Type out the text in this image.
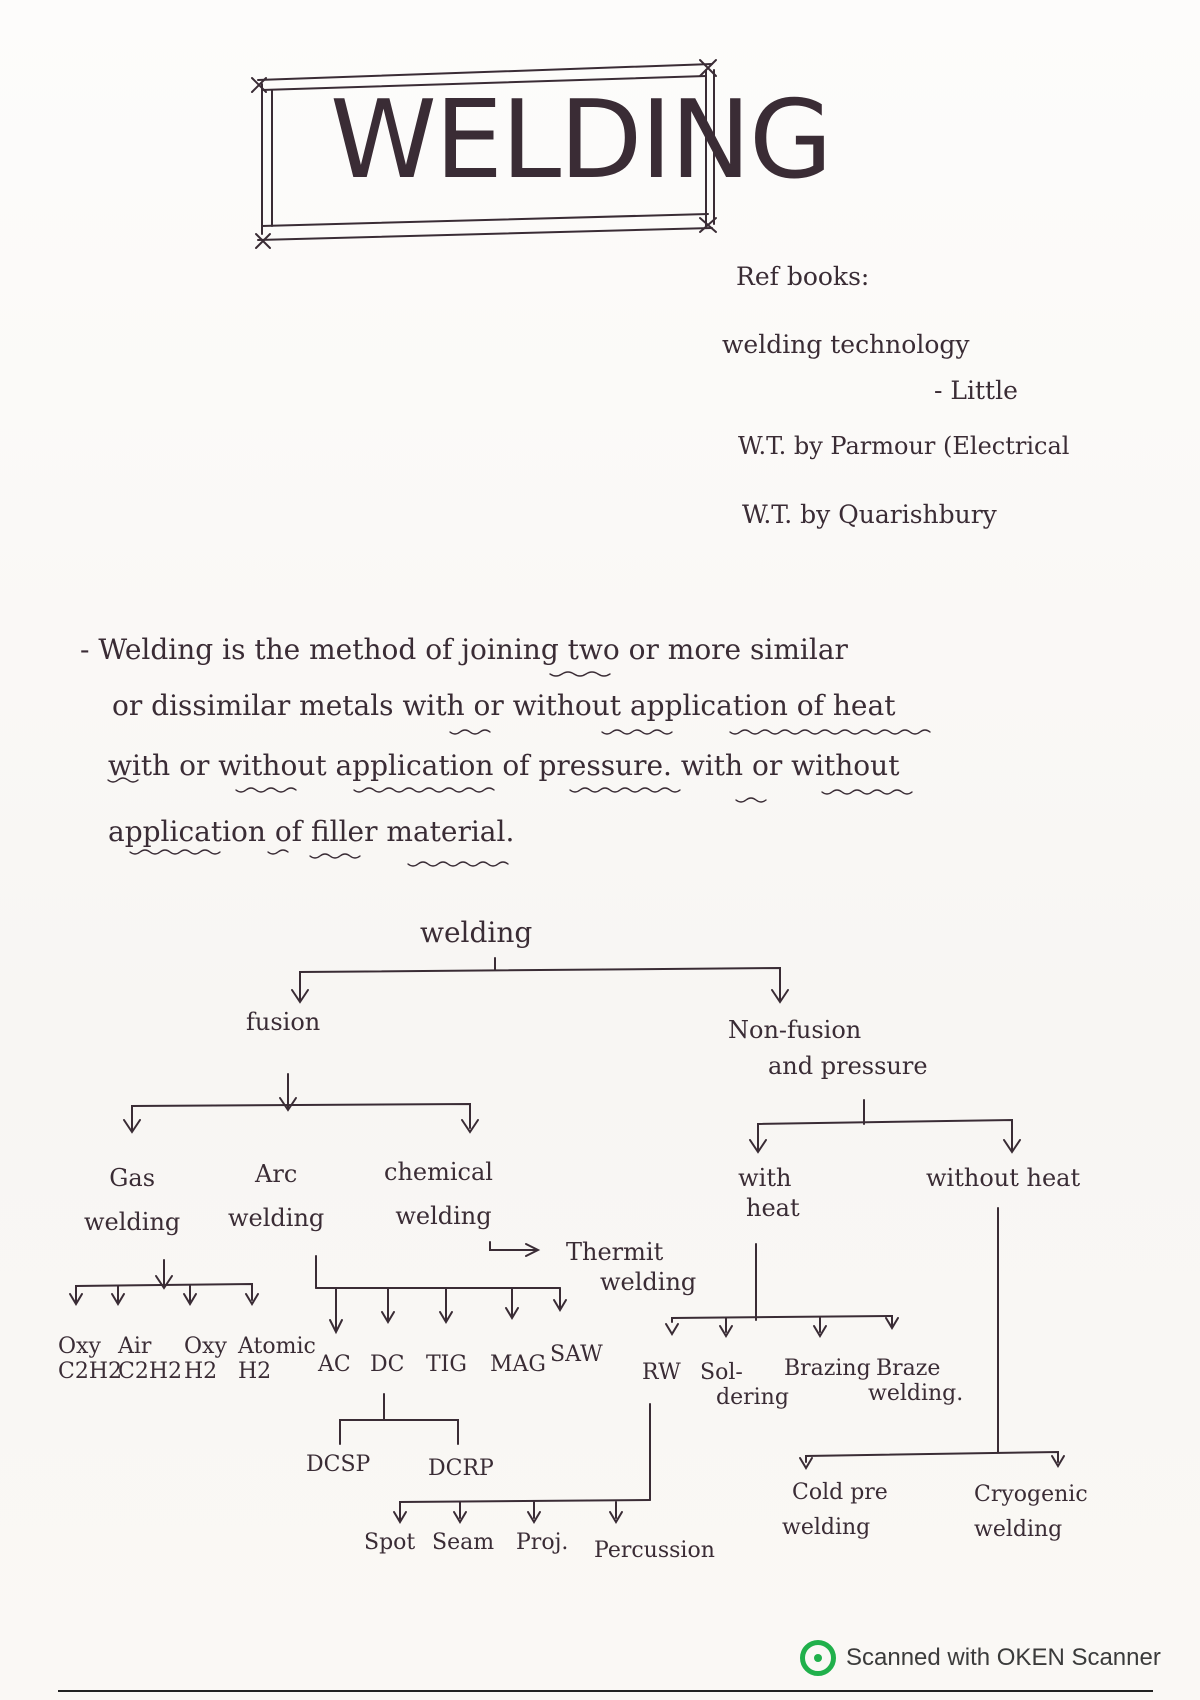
WELDING
Ref books:
welding technology
- Little
W.T. by Parmour (Electrical
W.T. by Quarishbury
- Welding is the method of joining two or more similar
or dissimilar metals with or without application of heat
with or without application of pressure. with or without
application of filler material.
welding
fusion	Non-fusion
and pressure
Gas
welding
Arc
welding
chemical
welding
Thermit
welding
Oxy
C2H2
Air
C2H2
Oxy
H2
Atomic
H2	AC DC TIG MAG SAW
DCSP	DCRP
with
heat
without heat
RW Sol-
dering
Brazing Braze
welding.
Spot Seam Proj. Percussion
Cold pre
welding
Cryogenic
welding
Scanned with OKEN Scanner
